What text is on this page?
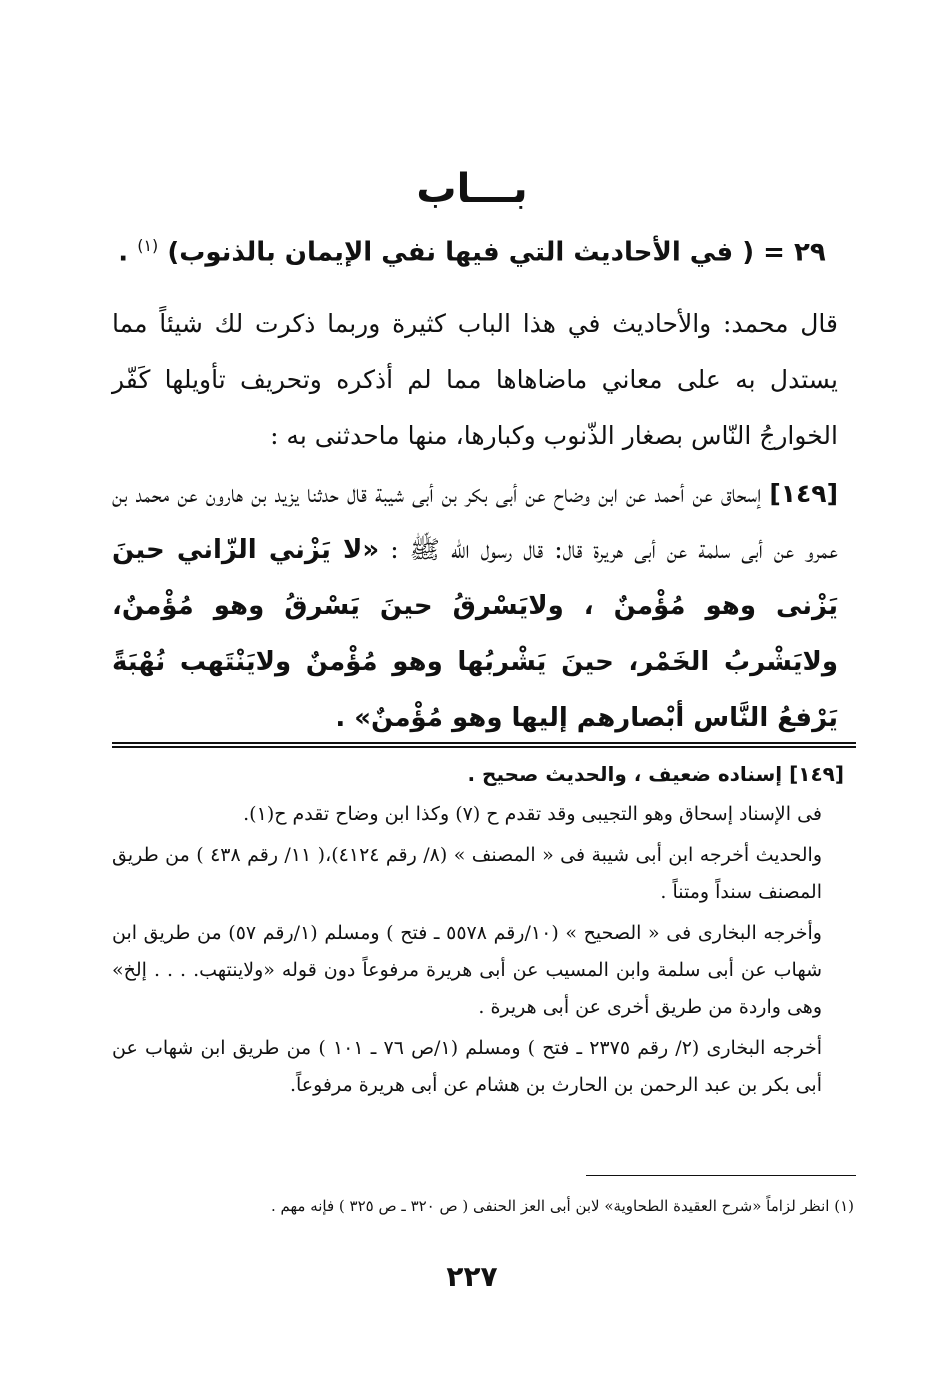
بـــاب
٢٩ = ( في الأحاديث التي فيها نفي الإيمان بالذنوب) $^{(١)}$ .

قال محمد: والأحاديث في هذا الباب كثيرة وربما ذكرت لك شيئاً مما يستدل به على معاني ماضاهاها مما لم أذكره وتحريف تأويلها كَفّر الخوارجُ النّاس بصغار الذّنوب وكبارها، منها ماحدثنى به :

[١٤٩] إسحاق عن أحمد عن ابن وضاح عن أبى بكر بن أبى شيبة قال حدثنا يزيد بن هارون عن محمد بن عمرو عن أبى سلمة عن أبى هريرة قال: قال رسول الله ﷺ : «لا يَزْني الزّاني حينَ يَزْنى وهو مُؤْمنٌ ، ولايَسْرقُ حينَ يَسْرقُ وهو مُؤْمنٌ، ولايَشْربُ الخَمْر، حينَ يَشْربُها وهو مُؤْمنٌ ولايَنْتَهب نُهْبَةً يَرْفعُ النَّاس أبْصارهم إليها وهو مُؤْمنٌ» .

[١٤٩] إسناده ضعيف ، والحديث صحيح .

فى الإسناد إسحاق وهو التجيبى وقد تقدم ح (٧) وكذا ابن وضاح تقدم ح(١).

والحديث أخرجه ابن أبى شيبة فى « المصنف » (٨/ رقم ٤١٢٤)،( ١١/ رقم ٤٣٨ ) من طريق المصنف سنداً ومتناً .

وأخرجه البخارى فى « الصحيح » (١٠/رقم ٥٥٧٨ ـ فتح ) ومسلم (١/رقم ٥٧) من طريق ابن شهاب عن أبى سلمة وابن المسيب عن أبى هريرة مرفوعاً دون قوله «ولاينتهب. . . . إلخ» وهى واردة من طريق أخرى عن أبى هريرة .

أخرجه البخارى (٢/ رقم ٢٣٧٥ ـ فتح ) ومسلم (١/ص ٧٦ ـ ١٠١ ) من طريق ابن شهاب عن أبى بكر بن عبد الرحمن بن الحارث بن هشام عن أبى هريرة مرفوعاً.

(١) انظر لزاماً «شرح العقيدة الطحاوية» لابن أبى العز الحنفى ( ص ٣٢٠ ـ ص ٣٢٥ ) فإنه مهم .

٢٢٧
